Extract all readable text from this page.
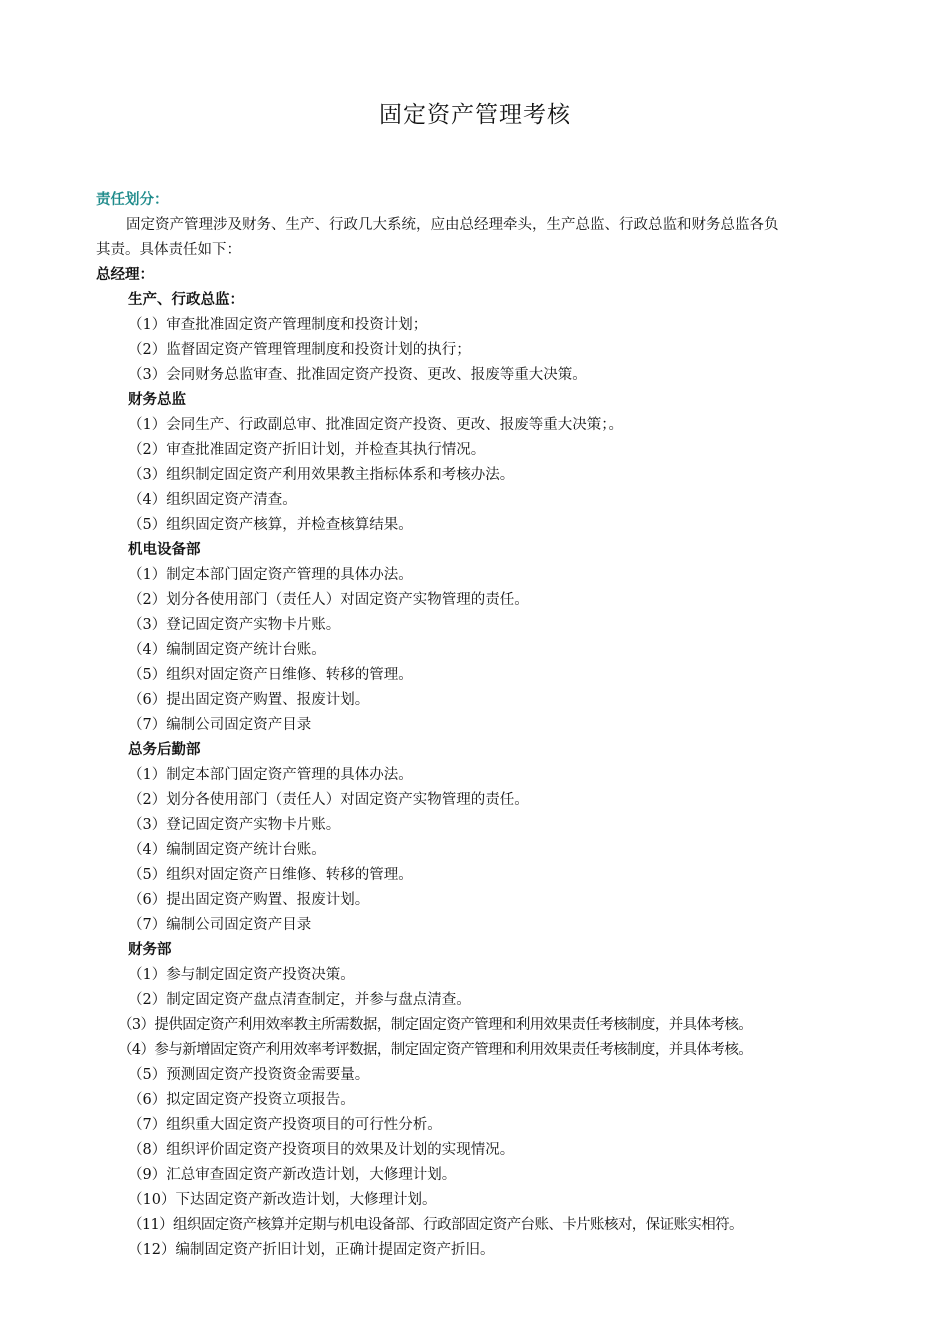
固定资产管理考核
责任划分：
固定资产管理涉及财务、生产、行政几大系统，应由总经理牵头，生产总监、行政总监和财务总监各负
其责。具体责任如下：
总经理：
生产、行政总监：
（1）审查批准固定资产管理制度和投资计划；
（2）监督固定资产管理管理制度和投资计划的执行；
（3）会同财务总监审查、批准固定资产投资、更改、报废等重大决策。
财务总监
（1）会同生产、行政副总审、批准固定资产投资、更改、报废等重大决策；。
（2）审查批准固定资产折旧计划，并检查其执行情况。
（3）组织制定固定资产利用效果教主指标体系和考核办法。
（4）组织固定资产清查。
（5）组织固定资产核算，并检查核算结果。
机电设备部
（1）制定本部门固定资产管理的具体办法。
（2）划分各使用部门（责任人）对固定资产实物管理的责任。
（3）登记固定资产实物卡片账。
（4）编制固定资产统计台账。
（5）组织对固定资产日维修、转移的管理。
（6）提出固定资产购置、报废计划。
（7）编制公司固定资产目录
总务后勤部
（1）制定本部门固定资产管理的具体办法。
（2）划分各使用部门（责任人）对固定资产实物管理的责任。
（3）登记固定资产实物卡片账。
（4）编制固定资产统计台账。
（5）组织对固定资产日维修、转移的管理。
（6）提出固定资产购置、报废计划。
（7）编制公司固定资产目录
财务部
（1）参与制定固定资产投资决策。
（2）制定固定资产盘点清查制定，并参与盘点清查。
（3）提供固定资产利用效率教主所需数据，制定固定资产管理和利用效果责任考核制度，并具体考核。
（4）参与新增固定资产利用效率考评数据，制定固定资产管理和利用效果责任考核制度，并具体考核。
（5）预测固定资产投资资金需要量。
（6）拟定固定资产投资立项报告。
（7）组织重大固定资产投资项目的可行性分析。
（8）组织评价固定资产投资项目的效果及计划的实现情况。
（9）汇总审查固定资产新改造计划，大修理计划。
（10）下达固定资产新改造计划，大修理计划。
（11）组织固定资产核算并定期与机电设备部、行政部固定资产台账、卡片账核对，保证账实相符。
（12）编制固定资产折旧计划，正确计提固定资产折旧。
